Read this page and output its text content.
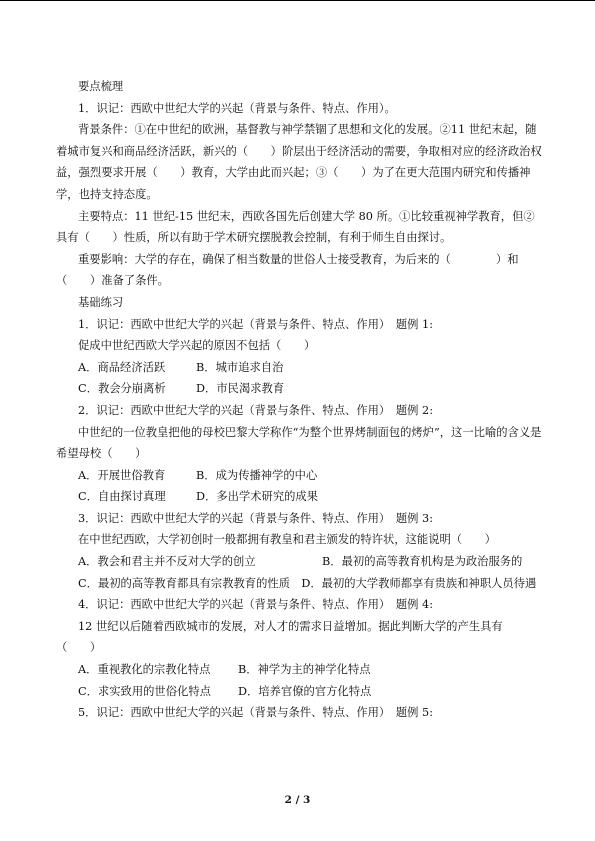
要点梳理

1．识记：西欧中世纪大学的兴起（背景与条件、特点、作用）。

背景条件：①在中世纪的欧洲，基督教与神学禁锢了思想和文化的发展。②11 世纪末起，随着城市复兴和商品经济活跃，新兴的（　　）阶层出于经济活动的需要，争取相对应的经济政治权益，强烈要求开展（　　）教育，大学由此而兴起；③（　　）为了在更大范围内研究和传播神学，也持支持态度。

主要特点：11 世纪-15 世纪末，西欧各国先后创建大学 80 所。①比较重视神学教育，但②具有（　　）性质，所以有助于学术研究摆脱教会控制，有利于师生自由探讨。

重要影响：大学的存在，确保了相当数量的世俗人士接受教育，为后来的（　　　　）和（　　）准备了条件。

基础练习

1．识记：西欧中世纪大学的兴起（背景与条件、特点、作用）　题例 1:

促成中世纪西欧大学兴起的原因不包括（　　）

A．商品经济活跃	B．城市追求自治
C．教会分崩离析	D．市民渴求教育

2．识记：西欧中世纪大学的兴起（背景与条件、特点、作用）　题例 2:

中世纪的一位教皇把他的母校巴黎大学称作“为整个世界烤制面包的烤炉”，这一比喻的含义是希望母校（　　）

A．开展世俗教育	B．成为传播神学的中心
C．自由探讨真理	D．多出学术研究的成果

3．识记：西欧中世纪大学的兴起（背景与条件、特点、作用）　题例 3:

在中世纪西欧，大学初创时一般都拥有教皇和君主颁发的特许状，这能说明（　　）

A．教会和君主并不反对大学的创立	B．最初的高等教育机构是为政治服务的

C．最初的高等教育都具有宗教教育的性质　 D．最初的大学教师都享有贵族和神职人员待遇

4．识记：西欧中世纪大学的兴起（背景与条件、特点、作用）　题例 4:

12 世纪以后随着西欧城市的发展，对人才的需求日益增加。据此判断大学的产生具有（　　）

A．重视教化的宗教化特点	B．神学为主的神学化特点
C．求实致用的世俗化特点	D．培养官僚的官方化特点

5．识记：西欧中世纪大学的兴起（背景与条件、特点、作用）　题例 5:

2 / 3
